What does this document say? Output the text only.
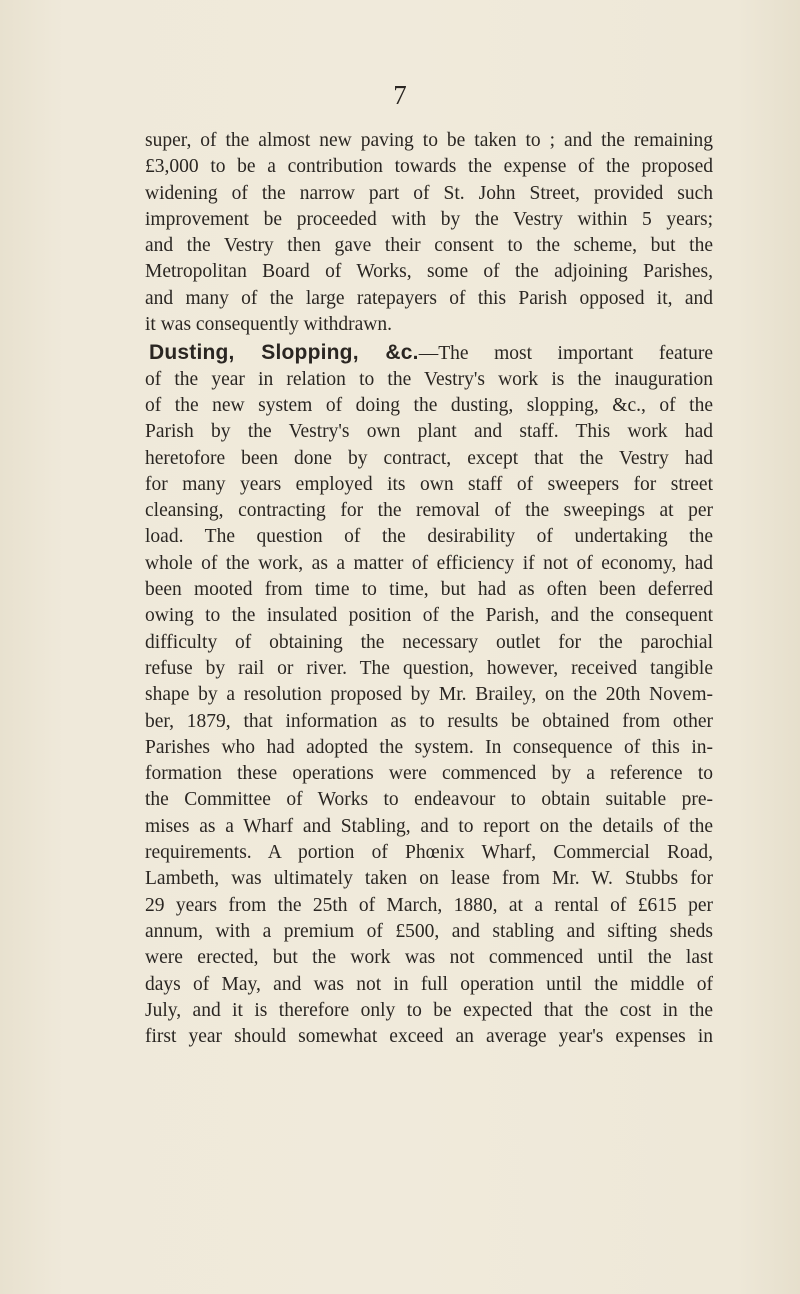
7

super, of the almost new paving to be taken to ; and the remaining
£3,000 to be a contribution towards the expense of the proposed
widening of the narrow part of St. John Street, provided such
improvement be proceeded with by the Vestry within 5 years;
and the Vestry then gave their consent to the scheme, but the
Metropolitan Board of Works, some of the adjoining Parishes,
and many of the large ratepayers of this Parish opposed it, and
it was consequently withdrawn.

Dusting, Slopping, &c.—The most important feature
of the year in relation to the Vestry's work is the inauguration
of the new system of doing the dusting, slopping, &c., of the
Parish by the Vestry's own plant and staff. This work had
heretofore been done by contract, except that the Vestry had
for many years employed its own staff of sweepers for street
cleansing, contracting for the removal of the sweepings at per
load. The question of the desirability of undertaking the
whole of the work, as a matter of efficiency if not of economy, had
been mooted from time to time, but had as often been deferred
owing to the insulated position of the Parish, and the consequent
difficulty of obtaining the necessary outlet for the parochial
refuse by rail or river. The question, however, received tangible
shape by a resolution proposed by Mr. Brailey, on the 20th Novem-
ber, 1879, that information as to results be obtained from other
Parishes who had adopted the system. In consequence of this in-
formation these operations were commenced by a reference to
the Committee of Works to endeavour to obtain suitable pre-
mises as a Wharf and Stabling, and to report on the details of the
requirements. A portion of Phœnix Wharf, Commercial Road,
Lambeth, was ultimately taken on lease from Mr. W. Stubbs for
29 years from the 25th of March, 1880, at a rental of £615 per
annum, with a premium of £500, and stabling and sifting sheds
were erected, but the work was not commenced until the last
days of May, and was not in full operation until the middle of
July, and it is therefore only to be expected that the cost in the
first year should somewhat exceed an average year's expenses in
